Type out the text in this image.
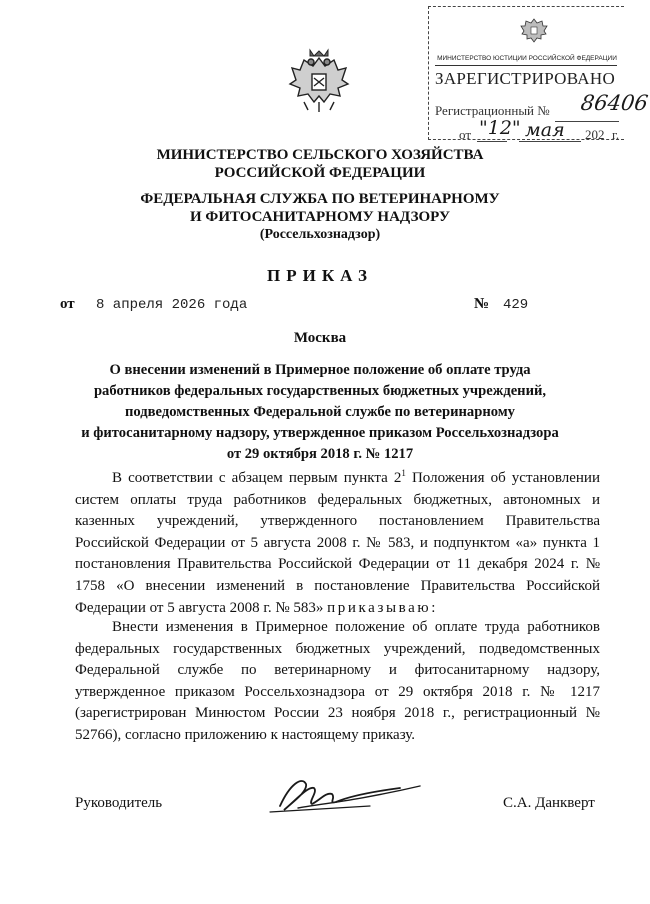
МИНИСТЕРСТВО ЮСТИЦИИ РОССИЙСКОЙ ФЕДЕРАЦИИ
ЗАРЕГИСТРИРОВАНО
Регистрационный № 86406
от "12" мая 202 г.
МИНИСТЕРСТВО СЕЛЬСКОГО ХОЗЯЙСТВА
РОССИЙСКОЙ ФЕДЕРАЦИИ
ФЕДЕРАЛЬНАЯ СЛУЖБА ПО ВЕТЕРИНАРНОМУ
И ФИТОСАНИТАРНОМУ НАДЗОРУ
(Россельхознадзор)
ПРИКАЗ
от 8 апреля 2026 года	№ 429
Москва
О внесении изменений в Примерное положение об оплате труда
работников федеральных государственных бюджетных учреждений,
подведомственных Федеральной службе по ветеринарному
и фитосанитарному надзору, утвержденное приказом Россельхознадзора
от 29 октября 2018 г. № 1217

В соответствии с абзацем первым пункта $2^1$ Положения об установлении систем оплаты труда работников федеральных бюджетных, автономных и казенных учреждений, утвержденного постановлением Правительства Российской Федерации от 5 августа 2008 г. № 583, и подпунктом «а» пункта 1 постановления Правительства Российской Федерации от 11 декабря 2024 г. № 1758 «О внесении изменений в постановление Правительства Российской Федерации от 5 августа 2008 г. № 583» приказываю:

Внести изменения в Примерное положение об оплате труда работников федеральных государственных бюджетных учреждений, подведомственных Федеральной службе по ветеринарному и фитосанитарному надзору, утвержденное приказом Россельхознадзора от 29 октября 2018 г. № 1217 (зарегистрирован Минюстом России 23 ноября 2018 г., регистрационный № 52766), согласно приложению к настоящему приказу.

Руководитель	С.А. Данкверт
